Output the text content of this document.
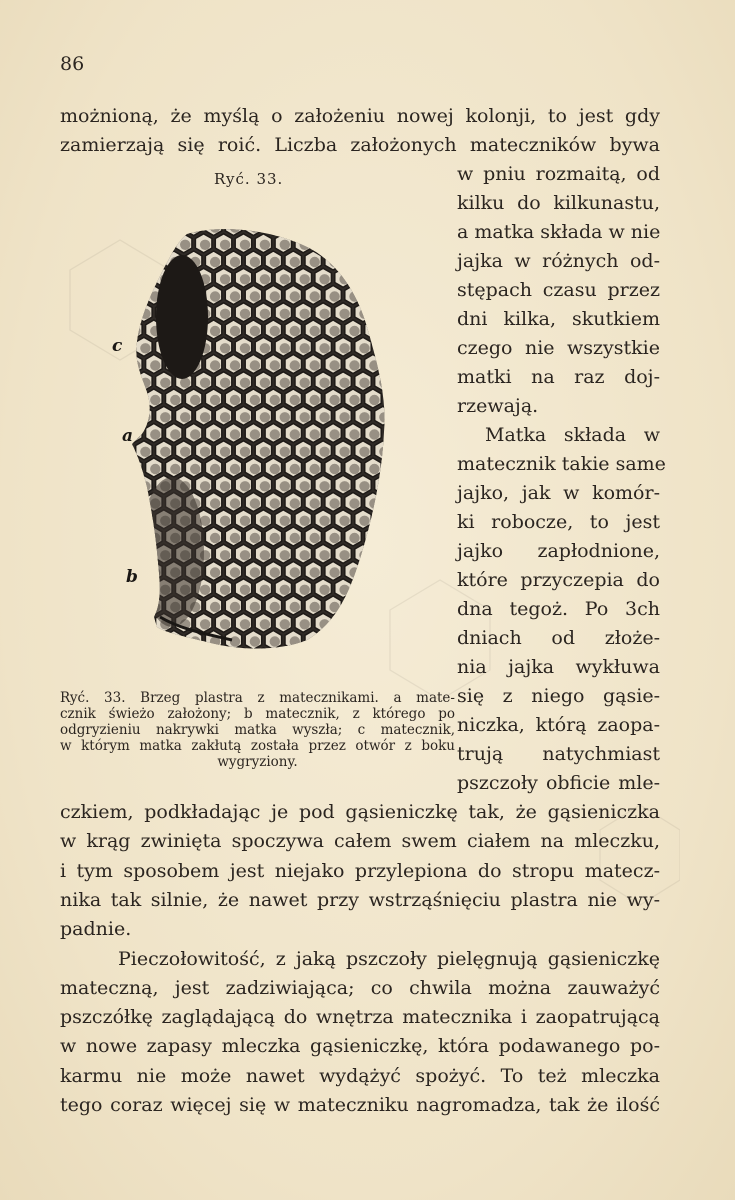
86
możnioną, że myślą o założeniu nowej kolonji, to jest gdy
zamierzają się roić. Liczba założonych mateczników bywa
Ryć. 33.
c
a
b
w pniu rozmaitą, od
kilku do kilkunastu,
a matka składa w nie
jajka w różnych od-
stępach czasu przez
dni kilka, skutkiem
czego nie wszystkie
matki na raz doj-
rzewają.
Matka składa w
matecznik takie same
jajko, jak w komór-
ki robocze, to jest
jajko zapłodnione,
które przyczepia do
dna tegoż. Po 3ch
dniach od złoże-
nia jajka wykłuwa
się z niego gąsie-
niczka, którą zaopa-
trują natychmiast
pszczoły obficie mle-
Ryć. 33. Brzeg plastra z matecznikami. a mate-
cznik świeżo założony; b matecznik, z którego po
odgryzieniu nakrywki matka wyszła; c matecznik,
w którym matka zakłutą została przez otwór z boku
wygryziony.
czkiem, podkładając je pod gąsieniczkę tak, że gąsieniczka
w krąg zwinięta spoczywa całem swem ciałem na mleczku,
i tym sposobem jest niejako przylepiona do stropu matecz-
nika tak silnie, że nawet przy wstrząśnięciu plastra nie wy-
padnie.
Pieczołowitość, z jaką pszczoły pielęgnują gąsieniczkę
mateczną, jest zadziwiająca; co chwila można zauważyć
pszczółkę zaglądającą do wnętrza matecznika i zaopatrującą
w nowe zapasy mleczka gąsieniczkę, która podawanego po-
karmu nie może nawet wydążyć spożyć. To też mleczka
tego coraz więcej się w mateczniku nagromadza, tak że ilość
